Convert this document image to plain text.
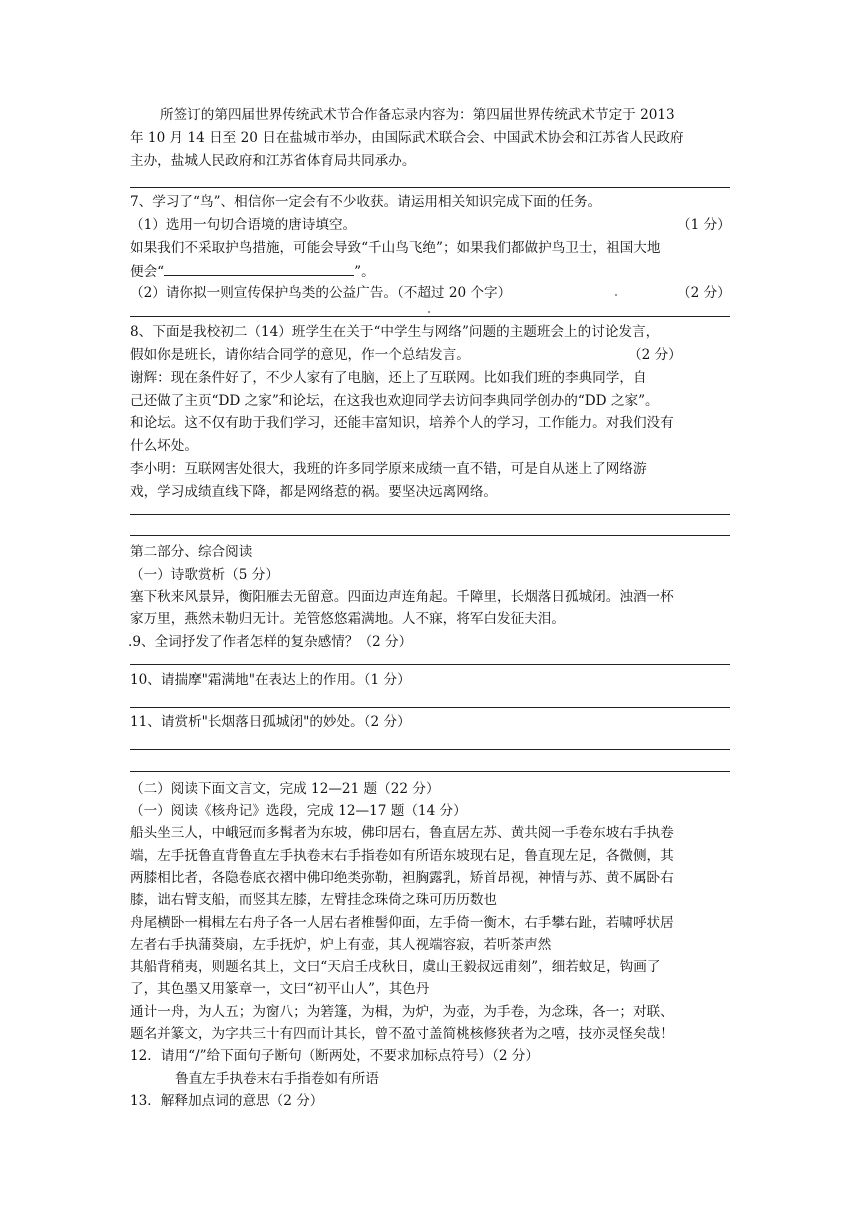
所签订的第四届世界传统武术节合作备忘录内容为：第四届世界传统武术节定于 2013
年 10 月 14 日至 20 日在盐城市举办，由国际武术联合会、中国武术协会和江苏省人民政府
主办，盐城人民政府和江苏省体育局共同承办。
7、学习了“鸟”、相信你一定会有不少收获。请运用相关知识完成下面的任务。
（1）选用一句切合语境的唐诗填空。	（1 分）
如果我们不采取护鸟措施，可能会导致“千山鸟飞绝”；如果我们都做护鸟卫士，祖国大地
便会“	”。
（2）请你拟一则宣传保护鸟类的公益广告。（不超过 20 个字）	（2 分）
8、下面是我校初二（14）班学生在关于“中学生与网络”问题的主题班会上的讨论发言，
假如你是班长，请你结合同学的意见，作一个总结发言。	（2 分）
谢辉：现在条件好了，不少人家有了电脑，还上了互联网。比如我们班的李典同学，自
己还做了主页“DD 之家”和论坛，在这我也欢迎同学去访问李典同学创办的“DD 之家”。
和论坛。这不仅有助于我们学习，还能丰富知识，培养个人的学习，工作能力。对我们没有
什么坏处。
李小明：互联网害处很大，我班的许多同学原来成绩一直不错，可是自从迷上了网络游
戏，学习成绩直线下降，都是网络惹的祸。要坚决远离网络。
第二部分、综合阅读
（一）诗歌赏析（5 分）
塞下秋来风景异，衡阳雁去无留意。四面边声连角起。千障里，长烟落日孤城闭。浊酒一杯
家万里，燕然未勒归无计。羌管悠悠霜满地。人不寐，将军白发征夫泪。
.9、全词抒发了作者怎样的复杂感情？（2 分）
10、请揣摩"霜满地"在表达上的作用。（1 分）
11、请赏析"长烟落日孤城闭"的妙处。（2 分）
（二）阅读下面文言文，完成 12—21 题（22 分）
（一）阅读《核舟记》选段，完成 12—17 题（14 分）
船头坐三人，中峨冠而多髯者为东坡，佛印居右，鲁直居左苏、黄共阅一手卷东坡右手执卷
端，左手抚鲁直背鲁直左手执卷末右手指卷如有所语东坡现右足，鲁直现左足，各微侧，其
两膝相比者，各隐卷底衣褶中佛印绝类弥勒，袒胸露乳，矫首昂视，神情与苏、黄不属卧右
膝，诎右臂支船，而竖其左膝，左臂挂念珠倚之珠可历历数也
舟尾横卧一楫楫左右舟子各一人居右者椎髻仰面，左手倚一衡木，右手攀右趾，若啸呼状居
左者右手执蒲葵扇，左手抚炉，炉上有壶，其人视端容寂，若听茶声然
其船背稍夷，则题名其上，文曰“天启壬戌秋日，虞山王毅叔远甫刻”，细若蚊足，钩画了
了，其色墨又用篆章一，文曰“初平山人”，其色丹
通计一舟，为人五；为窗八；为箬篷，为楫，为炉，为壶，为手卷，为念珠，各一；对联、
题名并篆文，为字共三十有四而计其长，曾不盈寸盖简桃核修狭者为之嘻，技亦灵怪矣哉！
12．请用“/”给下面句子断句（断两处，不要求加标点符号）（2 分）
鲁直左手执卷末右手指卷如有所语
13．解释加点词的意思（2 分）
